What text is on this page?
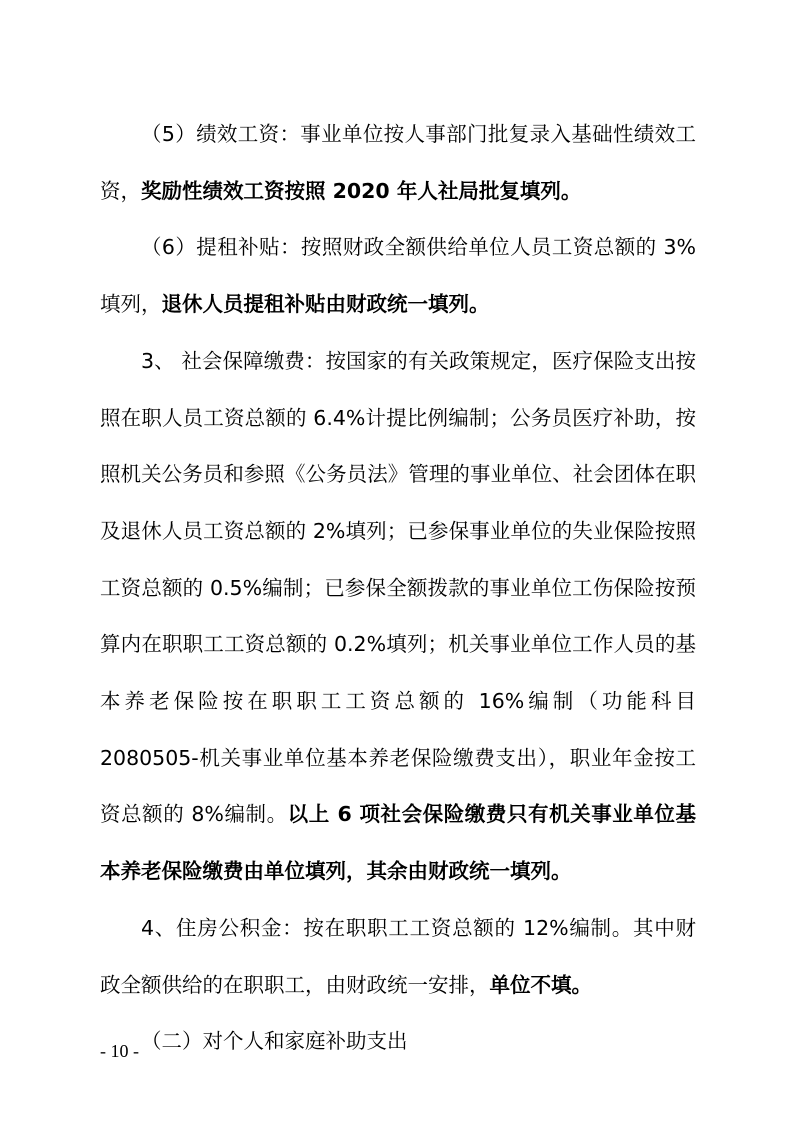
（5）绩效工资：事业单位按人事部门批复录入基础性绩效工资，奖励性绩效工资按照 2020 年人社局批复填列。

（6）提租补贴：按照财政全额供给单位人员工资总额的 3%填列，退休人员提租补贴由财政统一填列。

3、 社会保障缴费：按国家的有关政策规定，医疗保险支出按照在职人员工资总额的 6.4%计提比例编制；公务员医疗补助，按照机关公务员和参照《公务员法》管理的事业单位、社会团体在职及退休人员工资总额的 2%填列；已参保事业单位的失业保险按照工资总额的 0.5%编制；已参保全额拨款的事业单位工伤保险按预算内在职职工工资总额的 0.2%填列；机关事业单位工作人员的基本养老保险按在职职工工资总额的 16%编制（功能科目 2080505-机关事业单位基本养老保险缴费支出），职业年金按工资总额的 8%编制。以上 6 项社会保险缴费只有机关事业单位基本养老保险缴费由单位填列，其余由财政统一填列。

4、住房公积金：按在职职工工资总额的 12%编制。其中财政全额供给的在职职工，由财政统一安排，单位不填。

（二）对个人和家庭补助支出

- 10 -
